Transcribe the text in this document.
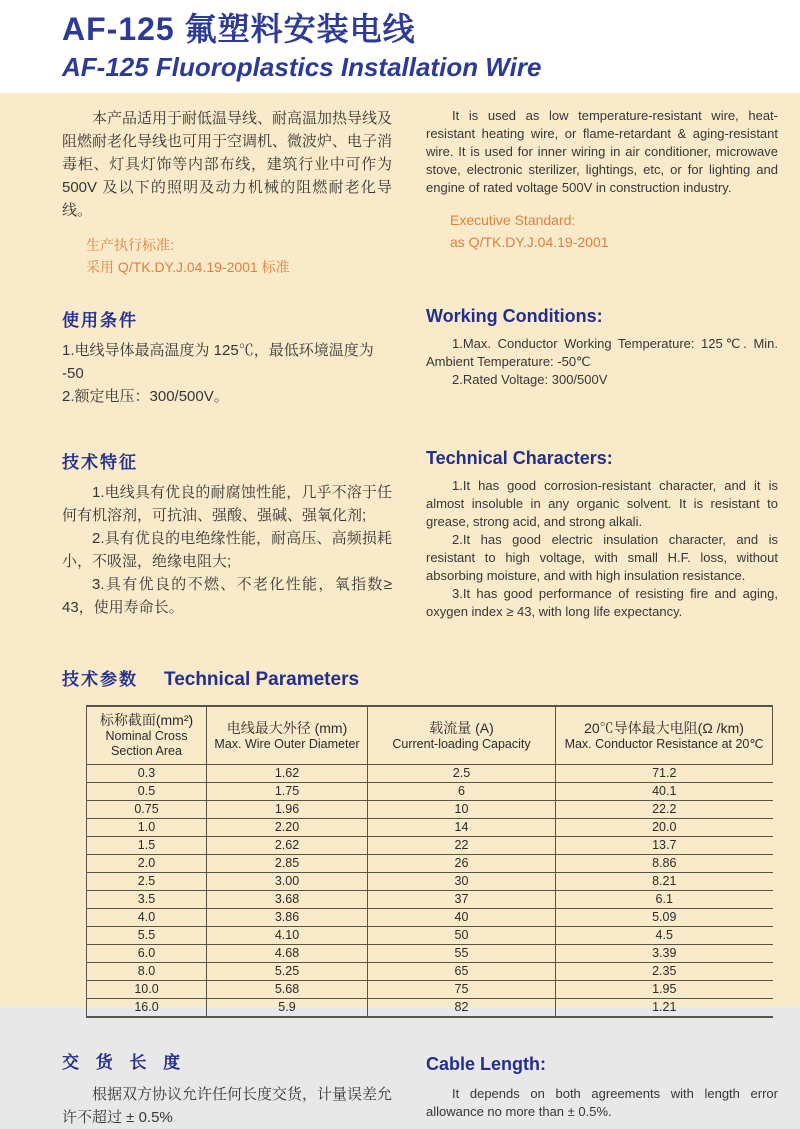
AF-125 氟塑料安装电线
AF-125 Fluoroplastics Installation Wire

本产品适用于耐低温导线、耐高温加热导线及阻燃耐老化导线也可用于空调机、微波炉、电子消毒柜、灯具灯饰等内部布线，建筑行业中可作为 500V 及以下的照明及动力机械的阻燃耐老化导线。

生产执行标准:
采用 Q/TK.DY.J.04.19-2001 标准

It is used as low temperature-resistant wire, heat-resistant heating wire, or flame-retardant & aging-resistant wire. It is used for inner wiring in air conditioner, microwave stove, electronic sterilizer, lightings, etc, or for lighting and engine of rated voltage 500V in construction industry.

Executive Standard:
as Q/TK.DY.J.04.19-2001
使用条件

1.电线导体最高温度为 125℃，最低环境温度为 -50

2.额定电压：300/500V。

Working Conditions:

1.Max. Conductor Working Temperature: 125℃. Min. Ambient Temperature: -50℃

2.Rated Voltage: 300/500V

技术特征

1.电线具有优良的耐腐蚀性能，几乎不溶于任何有机溶剂，可抗油、强酸、强碱、强氧化剂;

2.具有优良的电绝缘性能，耐高压、高频损耗小，不吸湿，绝缘电阻大;

3.具有优良的不燃、不老化性能，氧指数≥ 43，使用寿命长。

Technical Characters:

1.It has good corrosion-resistant character, and it is almost insoluble in any organic solvent. It is resistant to grease, strong acid, and strong alkali.

2.It has good electric insulation character, and is resistant to high voltage, with small H.F. loss, without absorbing moisture, and with high insulation resistance.

3.It has good performance of resisting fire and aging, oxygen index ≥ 43, with long life expectancy.

技术参数 Technical Parameters
标称截面(mm²)
Nominal Cross Section Area

电线最大外径 (mm)
Max. Wire Outer Diameter

载流量 (A)
Current-loading Capacity

20℃导体最大电阻(Ω /km)
Max. Conductor Resistance at 20℃

0.3	1.62	2.5	71.2
0.5	1.75	6	40.1
0.75	1.96	10	22.2
1.0	2.20	14	20.0
1.5	2.62	22	13.7
2.0	2.85	26	8.86
2.5	3.00	30	8.21
3.5	3.68	37	6.1
4.0	3.86	40	5.09
5.5	4.10	50	4.5
6.0	4.68	55	3.39
8.0	5.25	65	2.35
10.0	5.68	75	1.95
16.0	5.9	82	1.21
交 货 长 度

根据双方协议允许任何长度交货，计量误差允许不超过 ± 0.5%

Cable Length:

It depends on both agreements with length error allowance no more than ± 0.5%.
